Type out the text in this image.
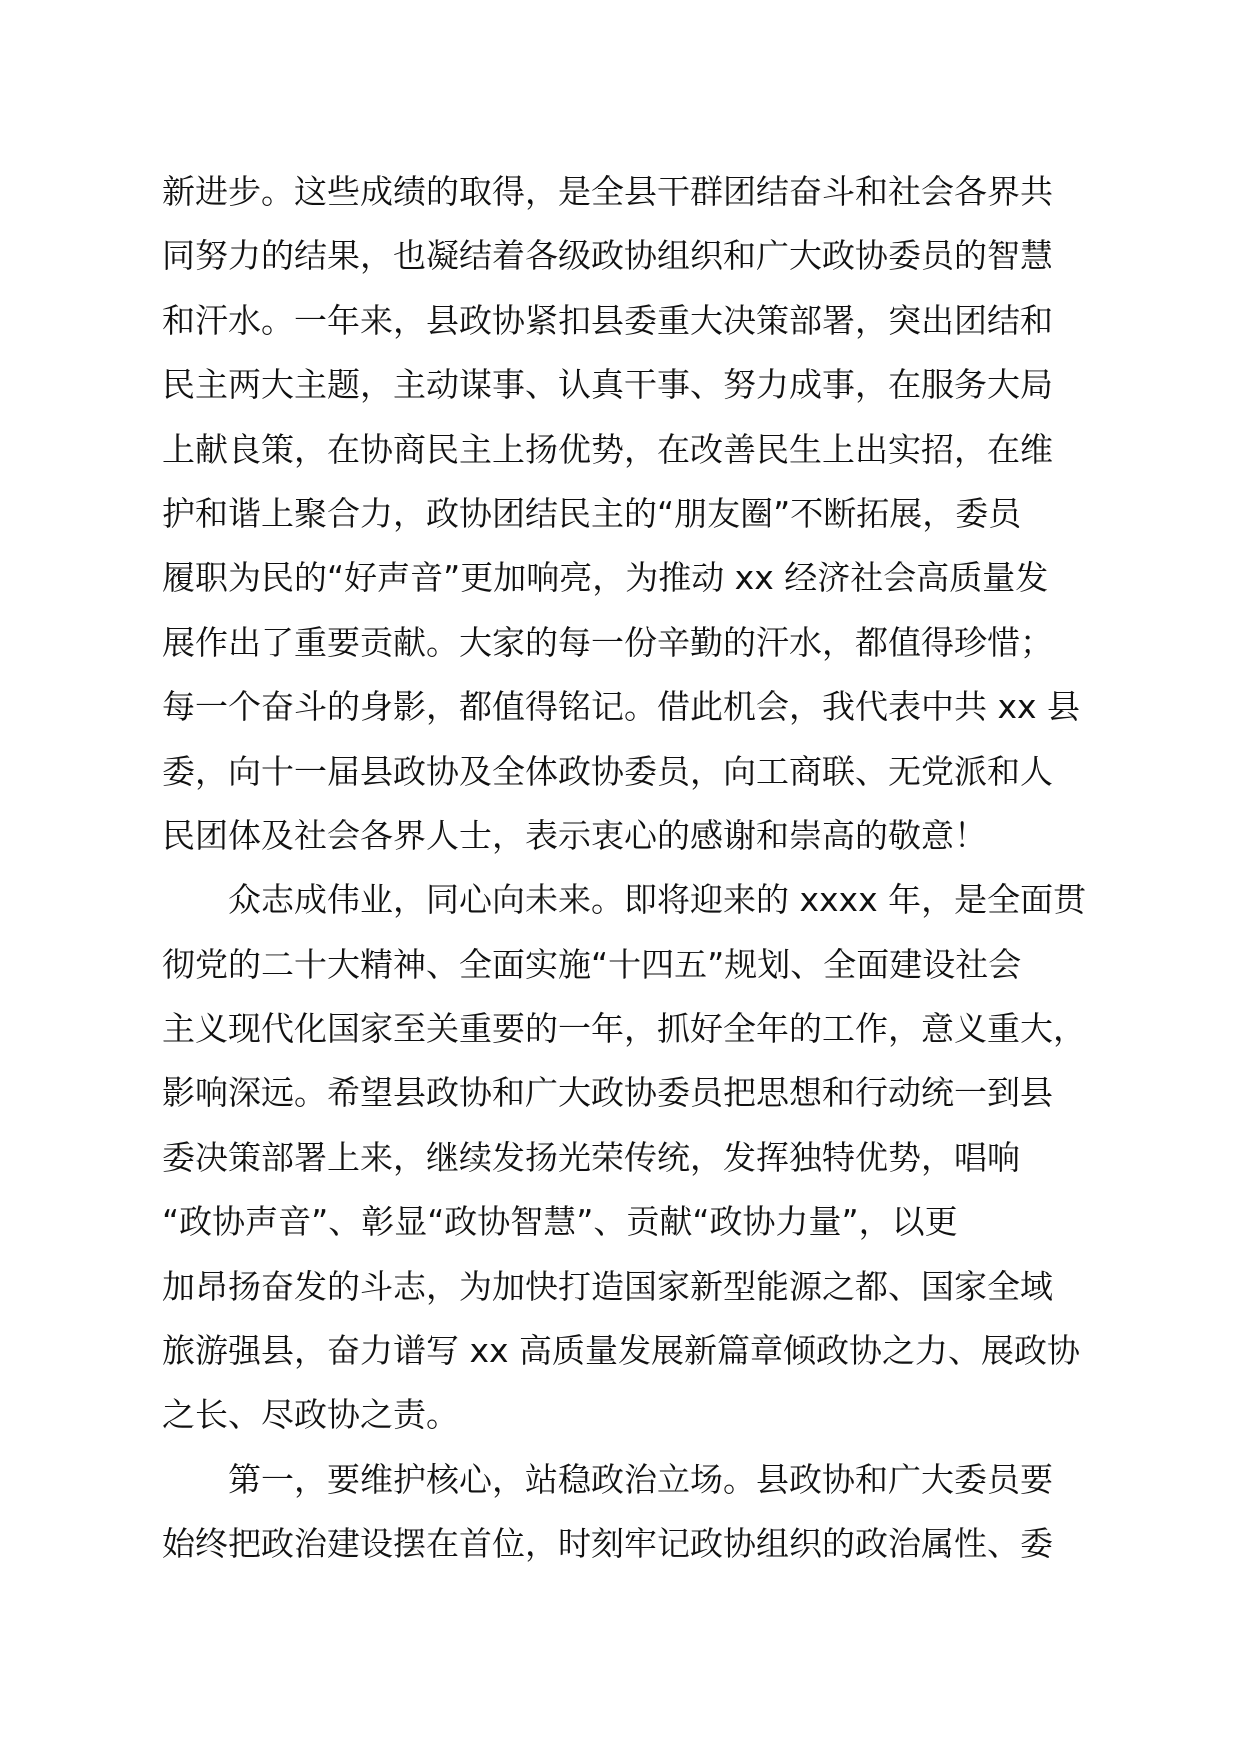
新进步。这些成绩的取得，是全县干群团结奋斗和社会各界共
同努力的结果，也凝结着各级政协组织和广大政协委员的智慧
和汗水。一年来，县政协紧扣县委重大决策部署，突出团结和
民主两大主题，主动谋事、认真干事、努力成事，在服务大局
上献良策，在协商民主上扬优势，在改善民生上出实招，在维
护和谐上聚合力，政协团结民主的“朋友圈”不断拓展，委员
履职为民的“好声音”更加响亮，为推动 xx 经济社会高质量发
展作出了重要贡献。大家的每一份辛勤的汗水，都值得珍惜；
每一个奋斗的身影，都值得铭记。借此机会，我代表中共 xx 县
委，向十一届县政协及全体政协委员，向工商联、无党派和人
民团体及社会各界人士，表示衷心的感谢和崇高的敬意！
众志成伟业，同心向未来。即将迎来的 xxxx 年，是全面贯
彻党的二十大精神、全面实施“十四五”规划、全面建设社会
主义现代化国家至关重要的一年，抓好全年的工作，意义重大，
影响深远。希望县政协和广大政协委员把思想和行动统一到县
委决策部署上来，继续发扬光荣传统，发挥独特优势，唱响
“政协声音”、彰显“政协智慧”、贡献“政协力量”，以更
加昂扬奋发的斗志，为加快打造国家新型能源之都、国家全域
旅游强县，奋力谱写 xx 高质量发展新篇章倾政协之力、展政协
之长、尽政协之责。
第一，要维护核心，站稳政治立场。县政协和广大委员要
始终把政治建设摆在首位，时刻牢记政协组织的政治属性、委
